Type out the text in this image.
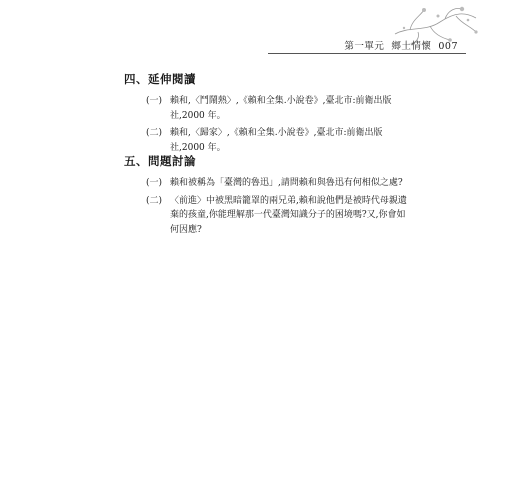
第一單元 鄉土情懷 007
四、延伸閱讀
(一) 賴和,〈鬥鬧熱〉,《賴和全集.小說卷》,臺北市:前衛出版社,2000 年。
(二) 賴和,〈歸家〉,《賴和全集.小說卷》,臺北市:前衛出版社,2000 年。
五、問題討論
(一) 賴和被稱為「臺灣的魯迅」,請問賴和與魯迅有何相似之處?
(二) 〈前進〉中被黑暗籠罩的兩兄弟,賴和說他們是被時代母親遺棄的孩童,你能理解那一代臺灣知識分子的困境嗎?又,你會如何因應?
